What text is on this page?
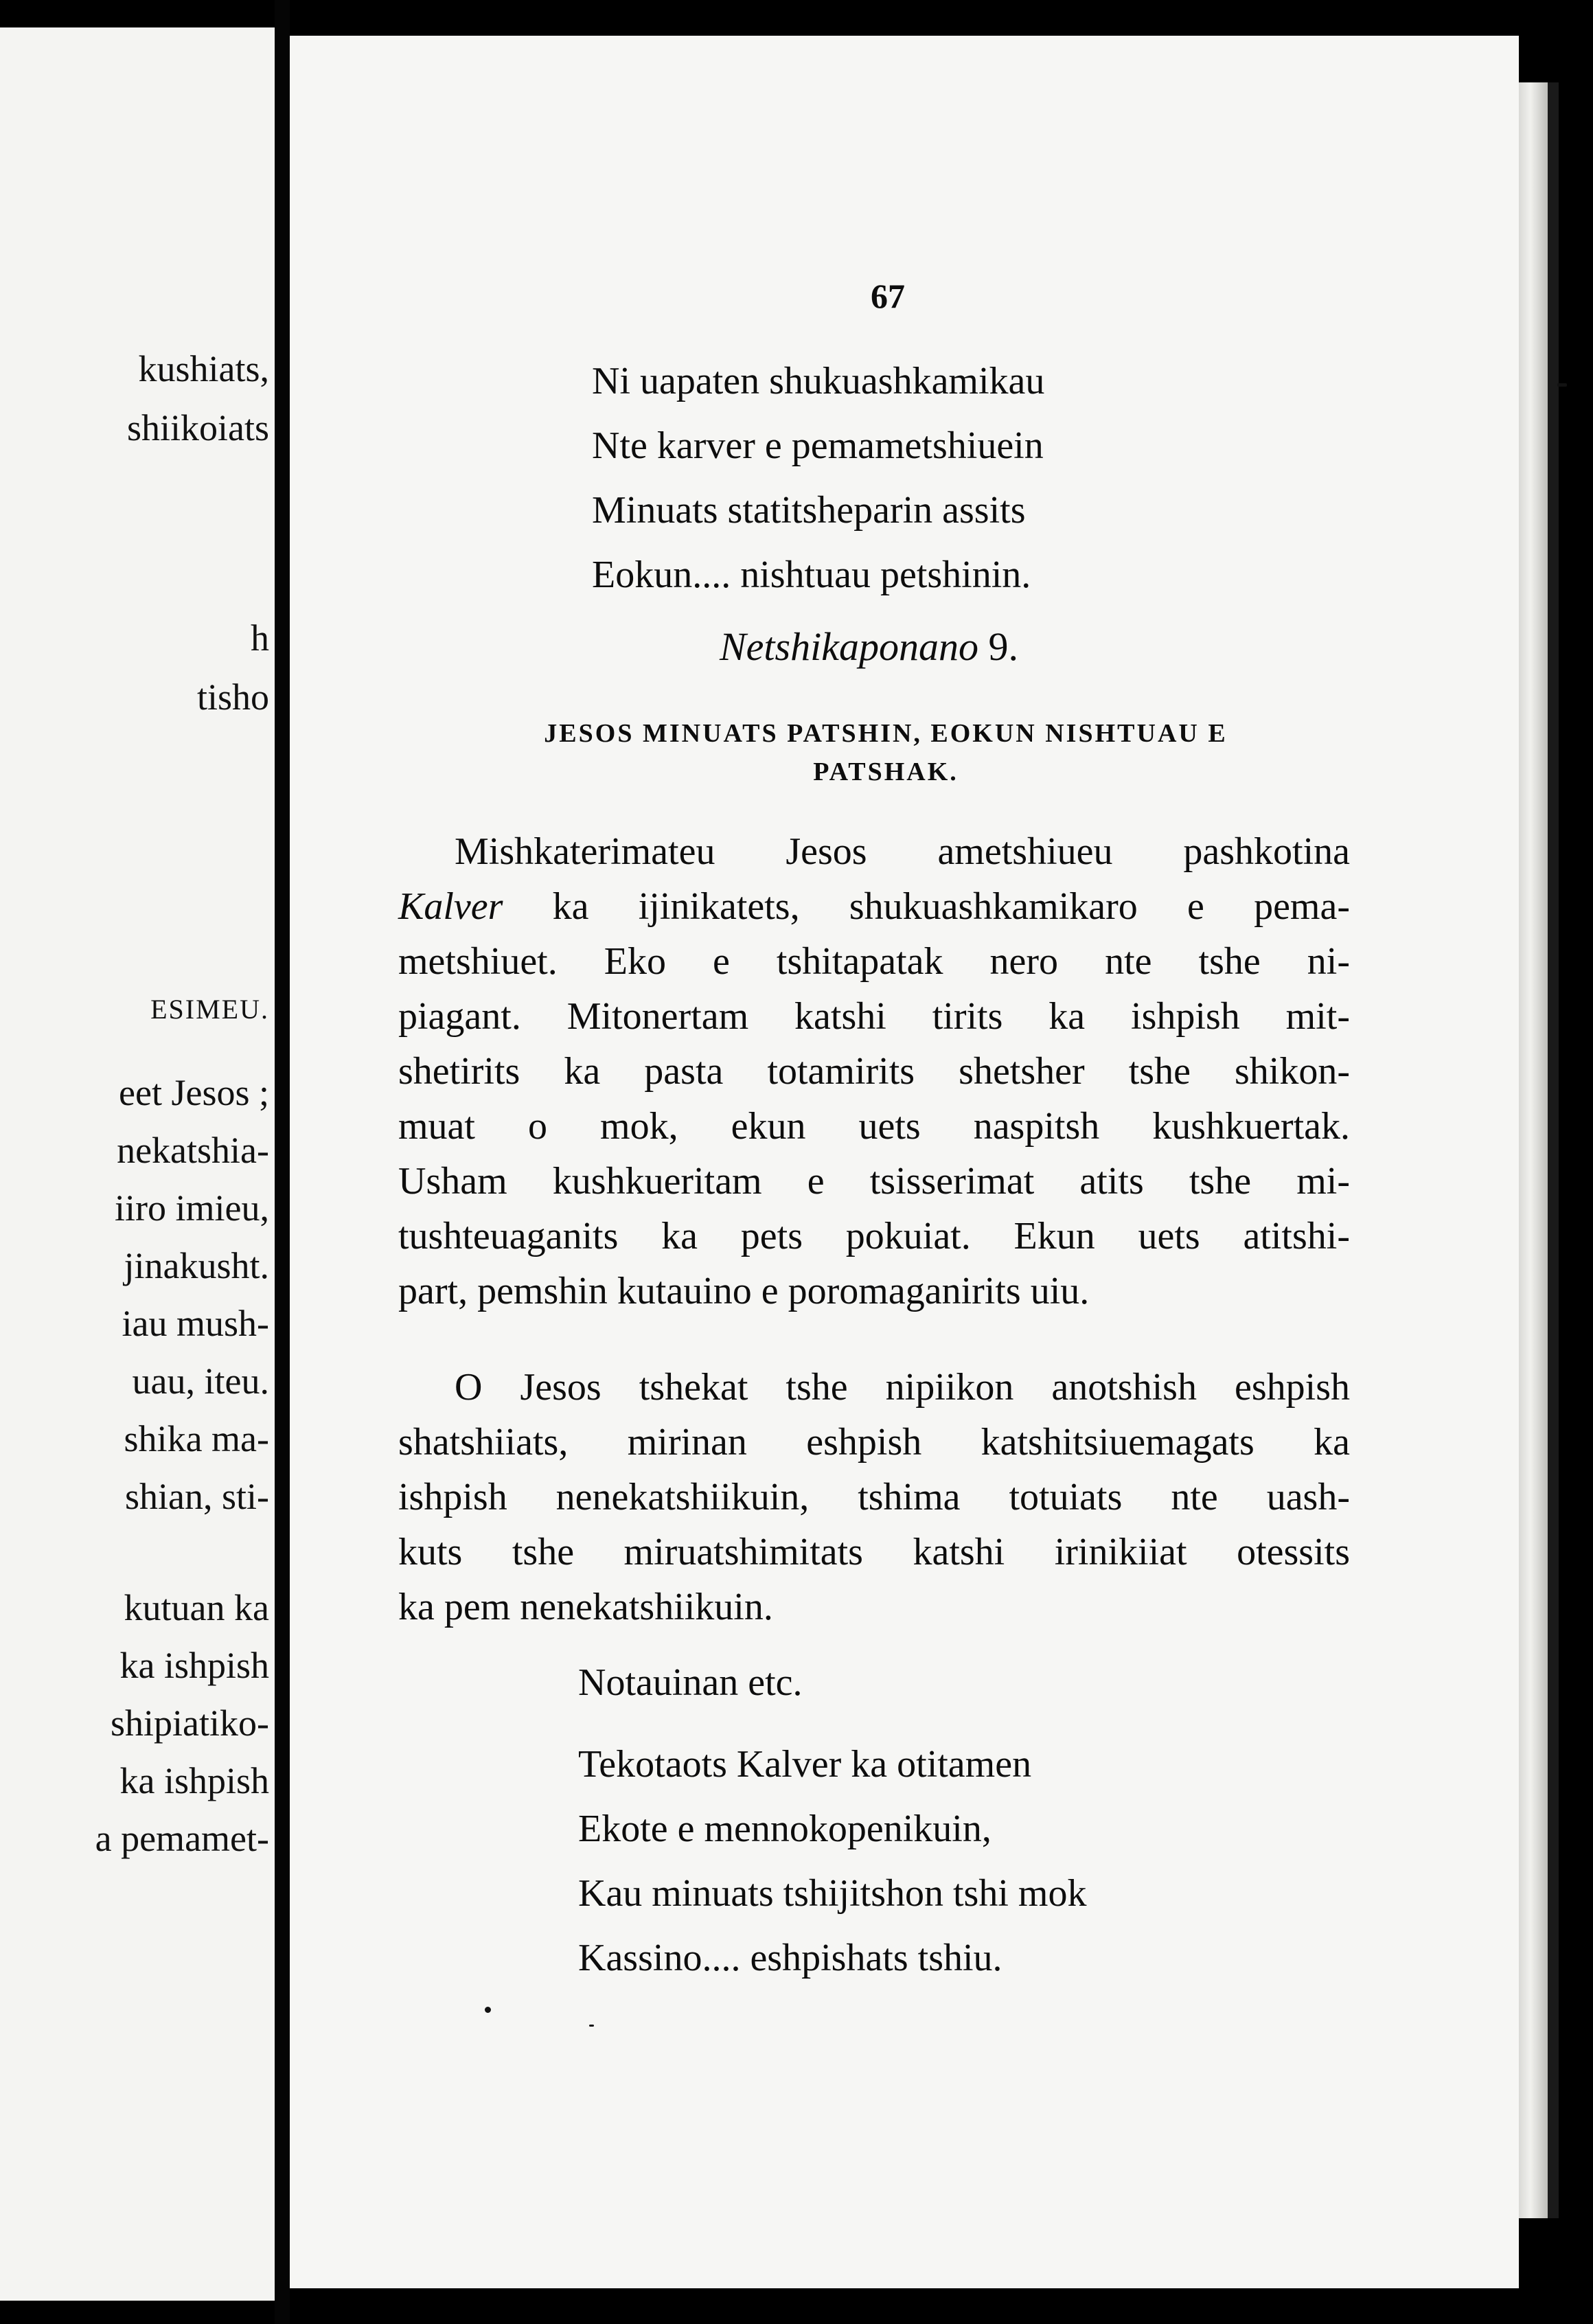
kushiats,
shiikoiats
h
tisho
ESIMEU.
eet Jesos ;
nekatshia-
iiro imieu,
jinakusht.
iau mush-
uau, iteu.
shika ma-
shian, sti-
kutuan ka
ka ishpish
shipiatiko-
ka ishpish
a pemamet-
67
Ni uapaten shukuashkamikau
Nte karver e pemametshiuein
Minuats statitsheparin assits
Eokun.... nishtuau petshinin.
Netshikaponano 9.
JESOS MINUATS PATSHIN, EOKUN NISHTUAU E
PATSHAK.
Mishkaterimateu Jesos ametshiueu pashkotina
Kalver ka ijinikatets, shukuashkamikaro e pema-
metshiuet. Eko e tshitapatak nero nte tshe ni-
piagant. Mitonertam katshi tirits ka ishpish mit-
shetirits ka pasta totamirits shetsher tshe shikon-
muat o mok, ekun uets naspitsh kushkuertak.
Usham kushkueritam e tsisserimat atits tshe mi-
tushteuaganits ka pets pokuiat. Ekun uets atitshi-
part, pemshin kutauino e poromaganirits uiu.
O Jesos tshekat tshe nipiikon anotshish eshpish
shatshiiats, mirinan eshpish katshitsiuemagats ka
ishpish nenekatshiikuin, tshima totuiats nte uash-
kuts tshe miruatshimitats katshi irinikiiat otessits
ka pem nenekatshiikuin.
Notauinan etc.
Tekotaots Kalver ka otitamen
Ekote e mennokopenikuin,
Kau minuats tshijitshon tshi mok
Kassino.... eshpishats tshiu.
